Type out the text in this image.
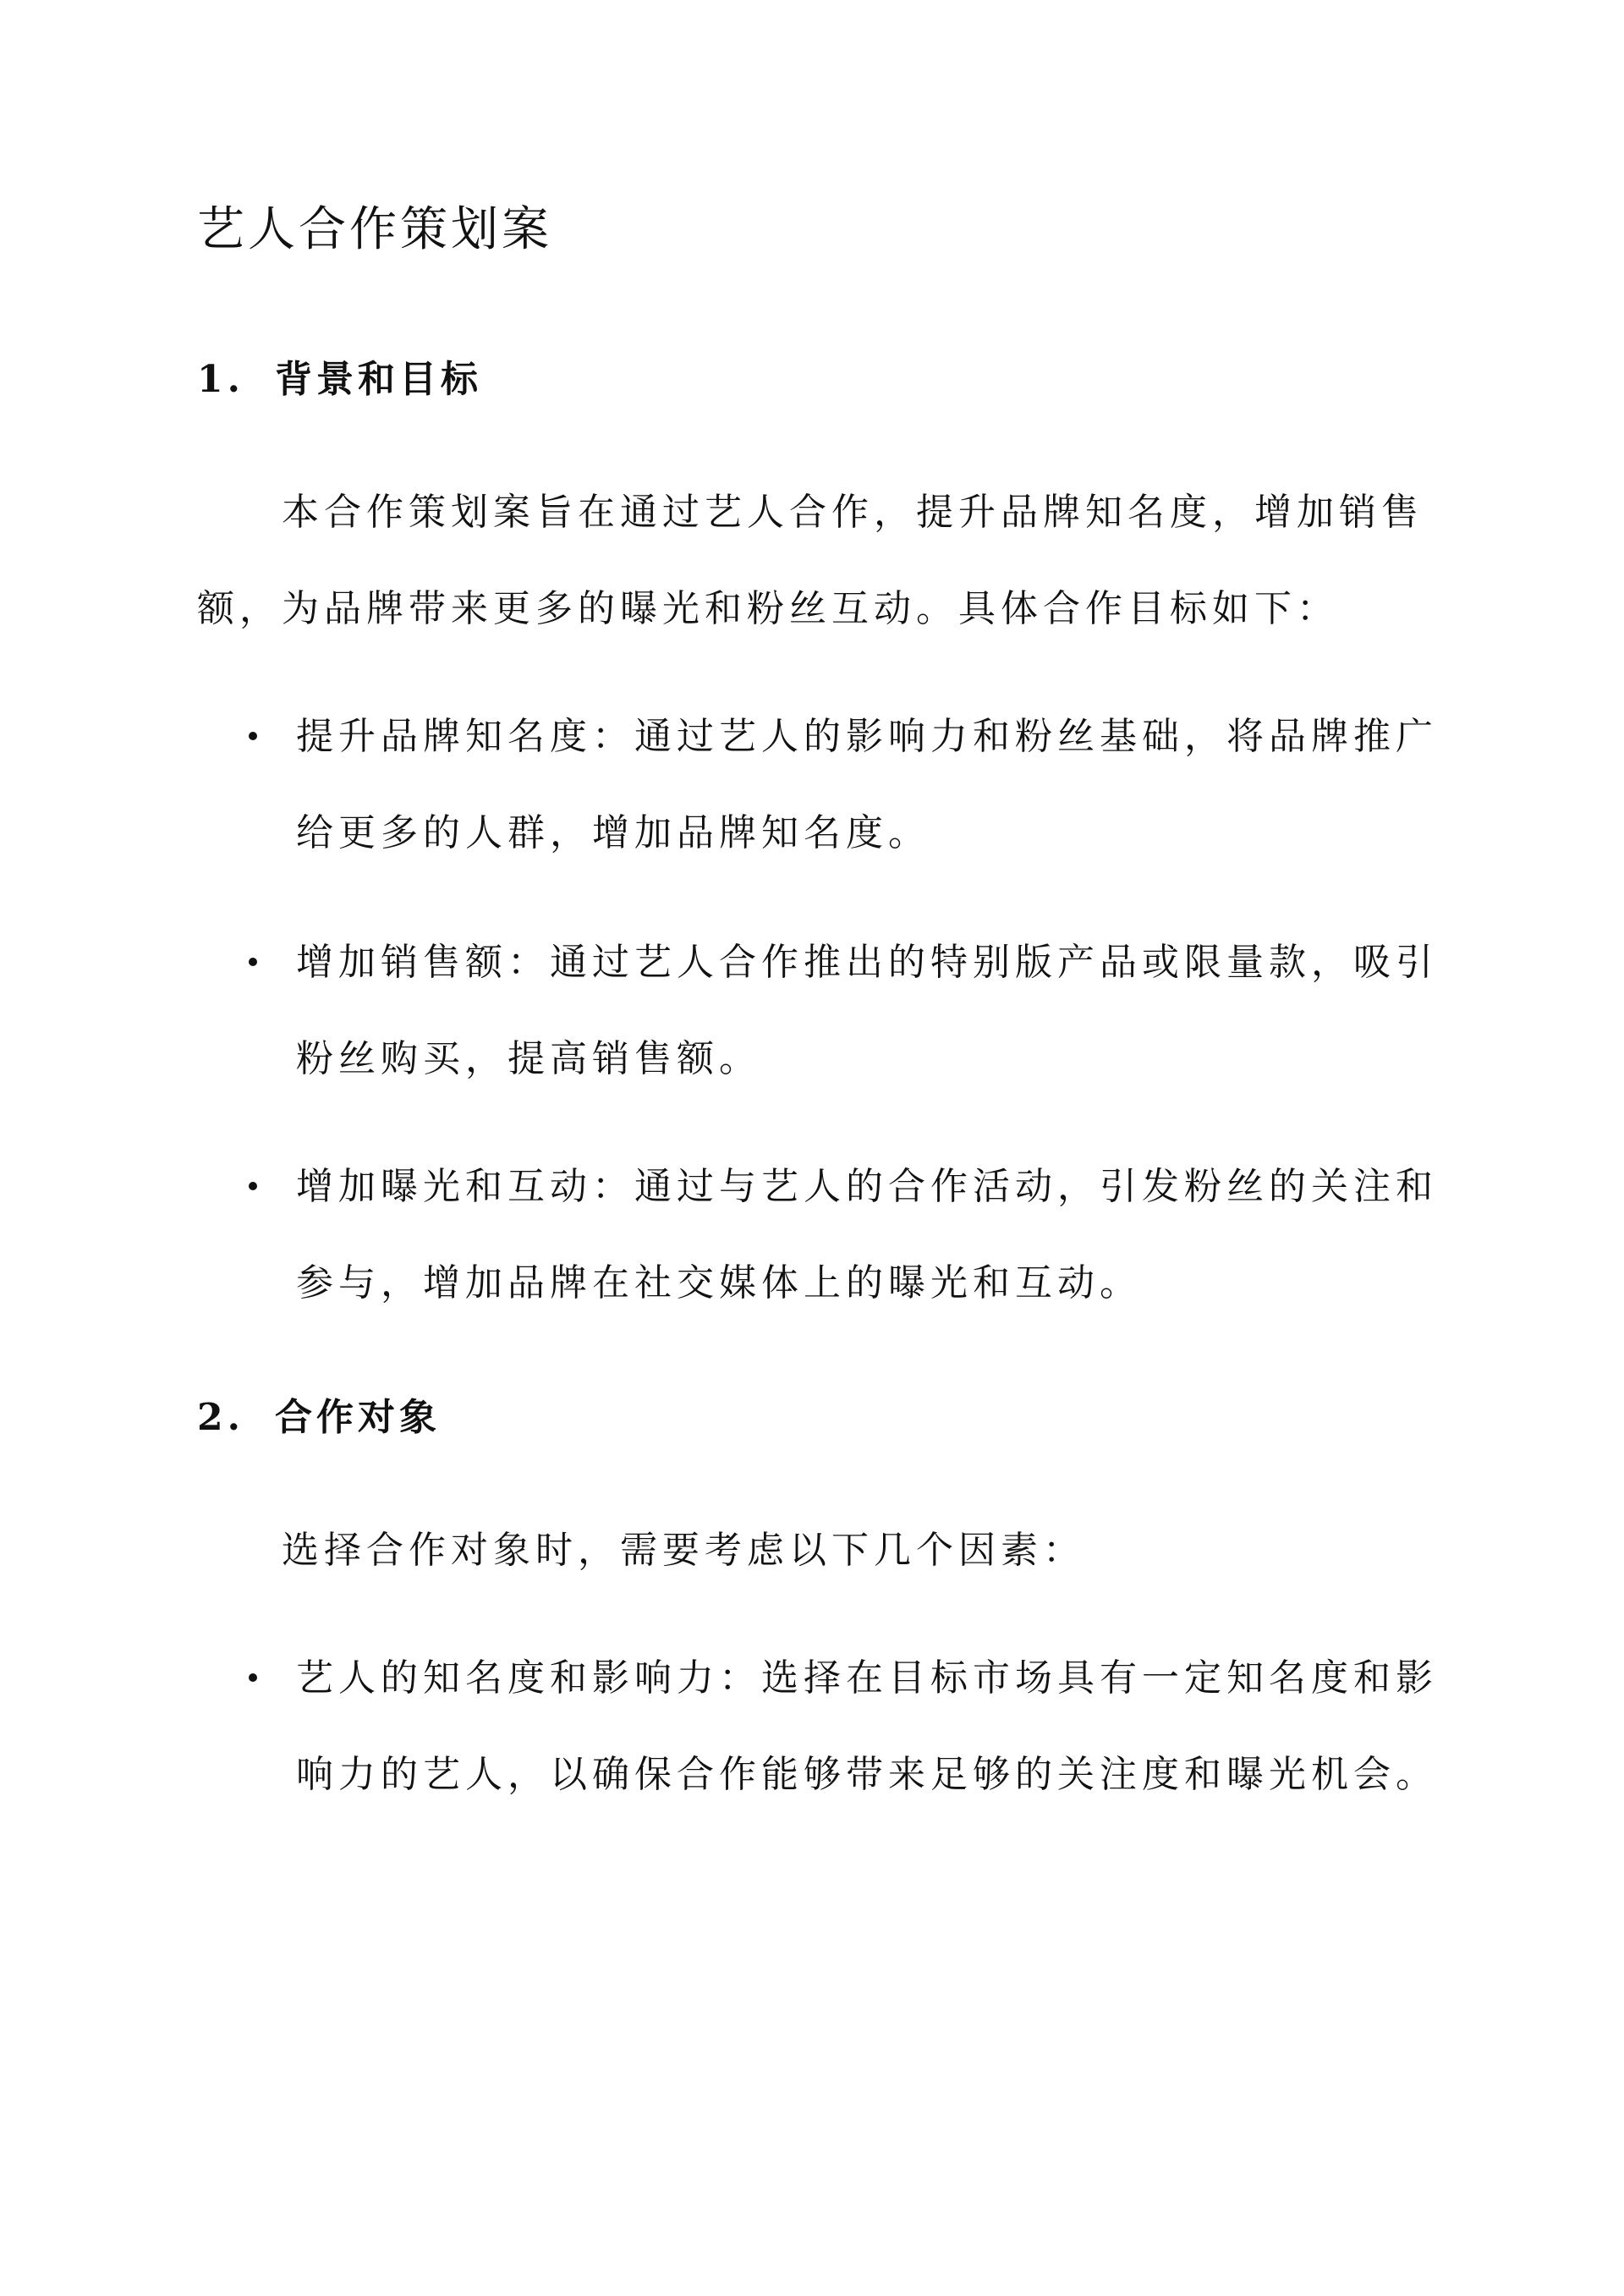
艺人合作策划案
1. 背景和目标

本合作策划案旨在通过艺人合作，提升品牌知名度，增加销售额，为品牌带来更多的曝光和粉丝互动。具体合作目标如下：

提升品牌知名度：通过艺人的影响力和粉丝基础，将品牌推广给更多的人群，增加品牌知名度。
增加销售额：通过艺人合作推出的特别版产品或限量款，吸引粉丝购买，提高销售额。
增加曝光和互动：通过与艺人的合作活动，引发粉丝的关注和参与，增加品牌在社交媒体上的曝光和互动。
2. 合作对象

选择合作对象时，需要考虑以下几个因素：

艺人的知名度和影响力：选择在目标市场具有一定知名度和影响力的艺人，以确保合作能够带来足够的关注度和曝光机会。
